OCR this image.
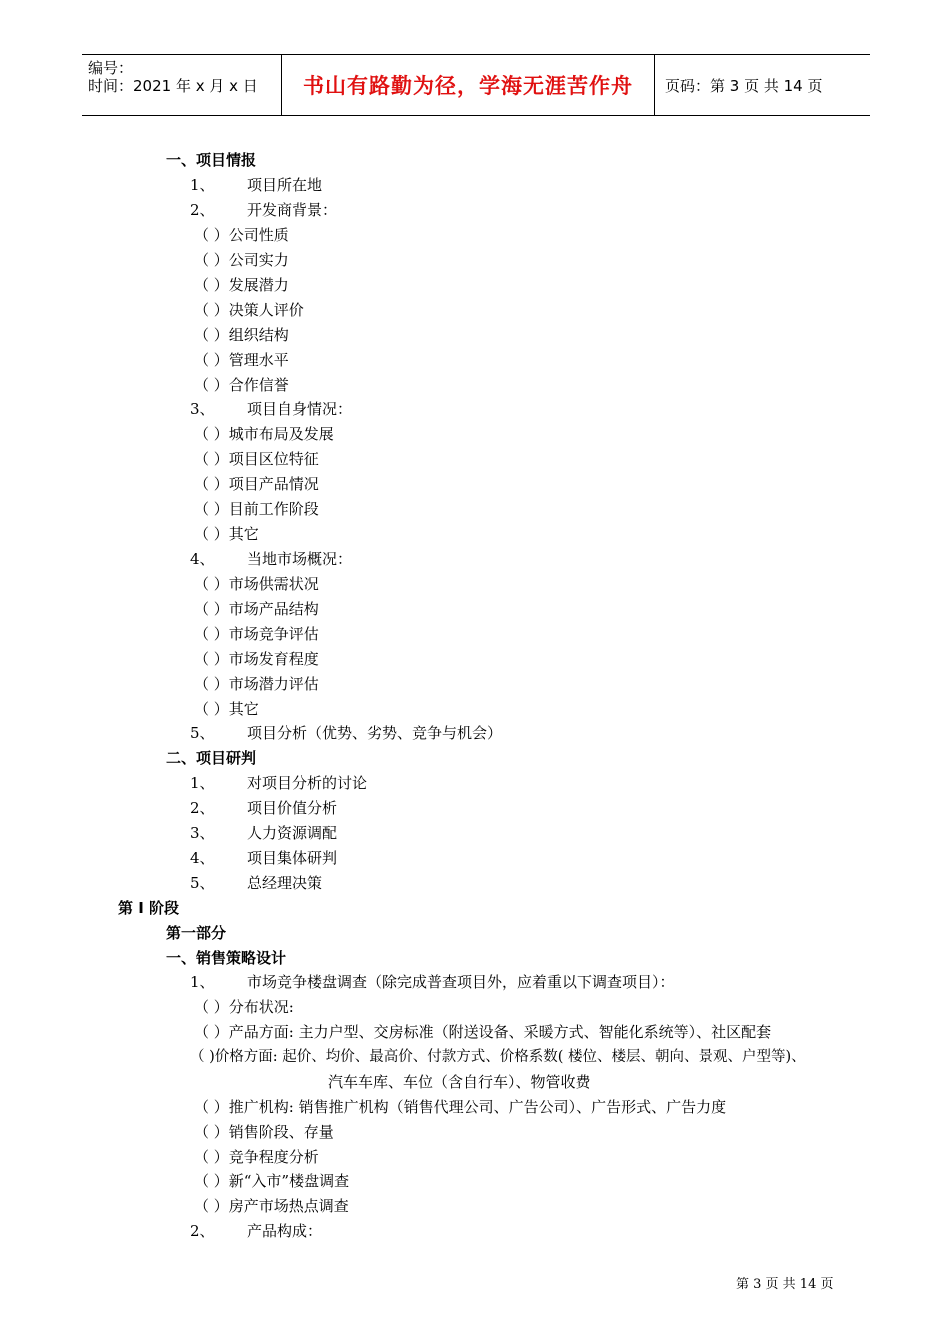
编号：
时间：2021 年 x 月 x 日	书山有路勤为径，学海无涯苦作舟	页码：第 3 页 共 14 页
一、项目情报
1、 项目所在地
2、 开发商背景：
（ ）公司性质
（ ）公司实力
（ ）发展潜力
（ ）决策人评价
（ ）组织结构
（ ）管理水平
（ ）合作信誉
3、 项目自身情况：
（ ）城市布局及发展
（ ）项目区位特征
（ ）项目产品情况
（ ）目前工作阶段
（ ）其它
4、 当地市场概况：
（ ）市场供需状况
（ ）市场产品结构
（ ）市场竞争评估
（ ）市场发育程度
（ ）市场潜力评估
（ ）其它
5、 项目分析（优势、劣势、竞争与机会）
二、项目研判
1、 对项目分析的讨论
2、 项目价值分析
3、 人力资源调配
4、 项目集体研判
5、 总经理决策
第 Ⅰ 阶段
第一部分
一、销售策略设计
1、 市场竞争楼盘调查（除完成普查项目外，应着重以下调查项目）：
（ ）分布状况:
（ ）产品方面: 主力户型、交房标准（附送设备、采暖方式、智能化系统等）、社区配套
（ )价格方面: 起价、均价、最高价、付款方式、价格系数( 楼位、楼层、朝向、景观、户型等)、
汽车车库、车位（含自行车）、物管收费
（ ）推广机构: 销售推广机构（销售代理公司、广告公司）、广告形式、广告力度
（ ）销售阶段、存量
（ ）竞争程度分析
（ ）新“入市”楼盘调查
（ ）房产市场热点调查
2、 产品构成：
第 3 页 共 14 页
